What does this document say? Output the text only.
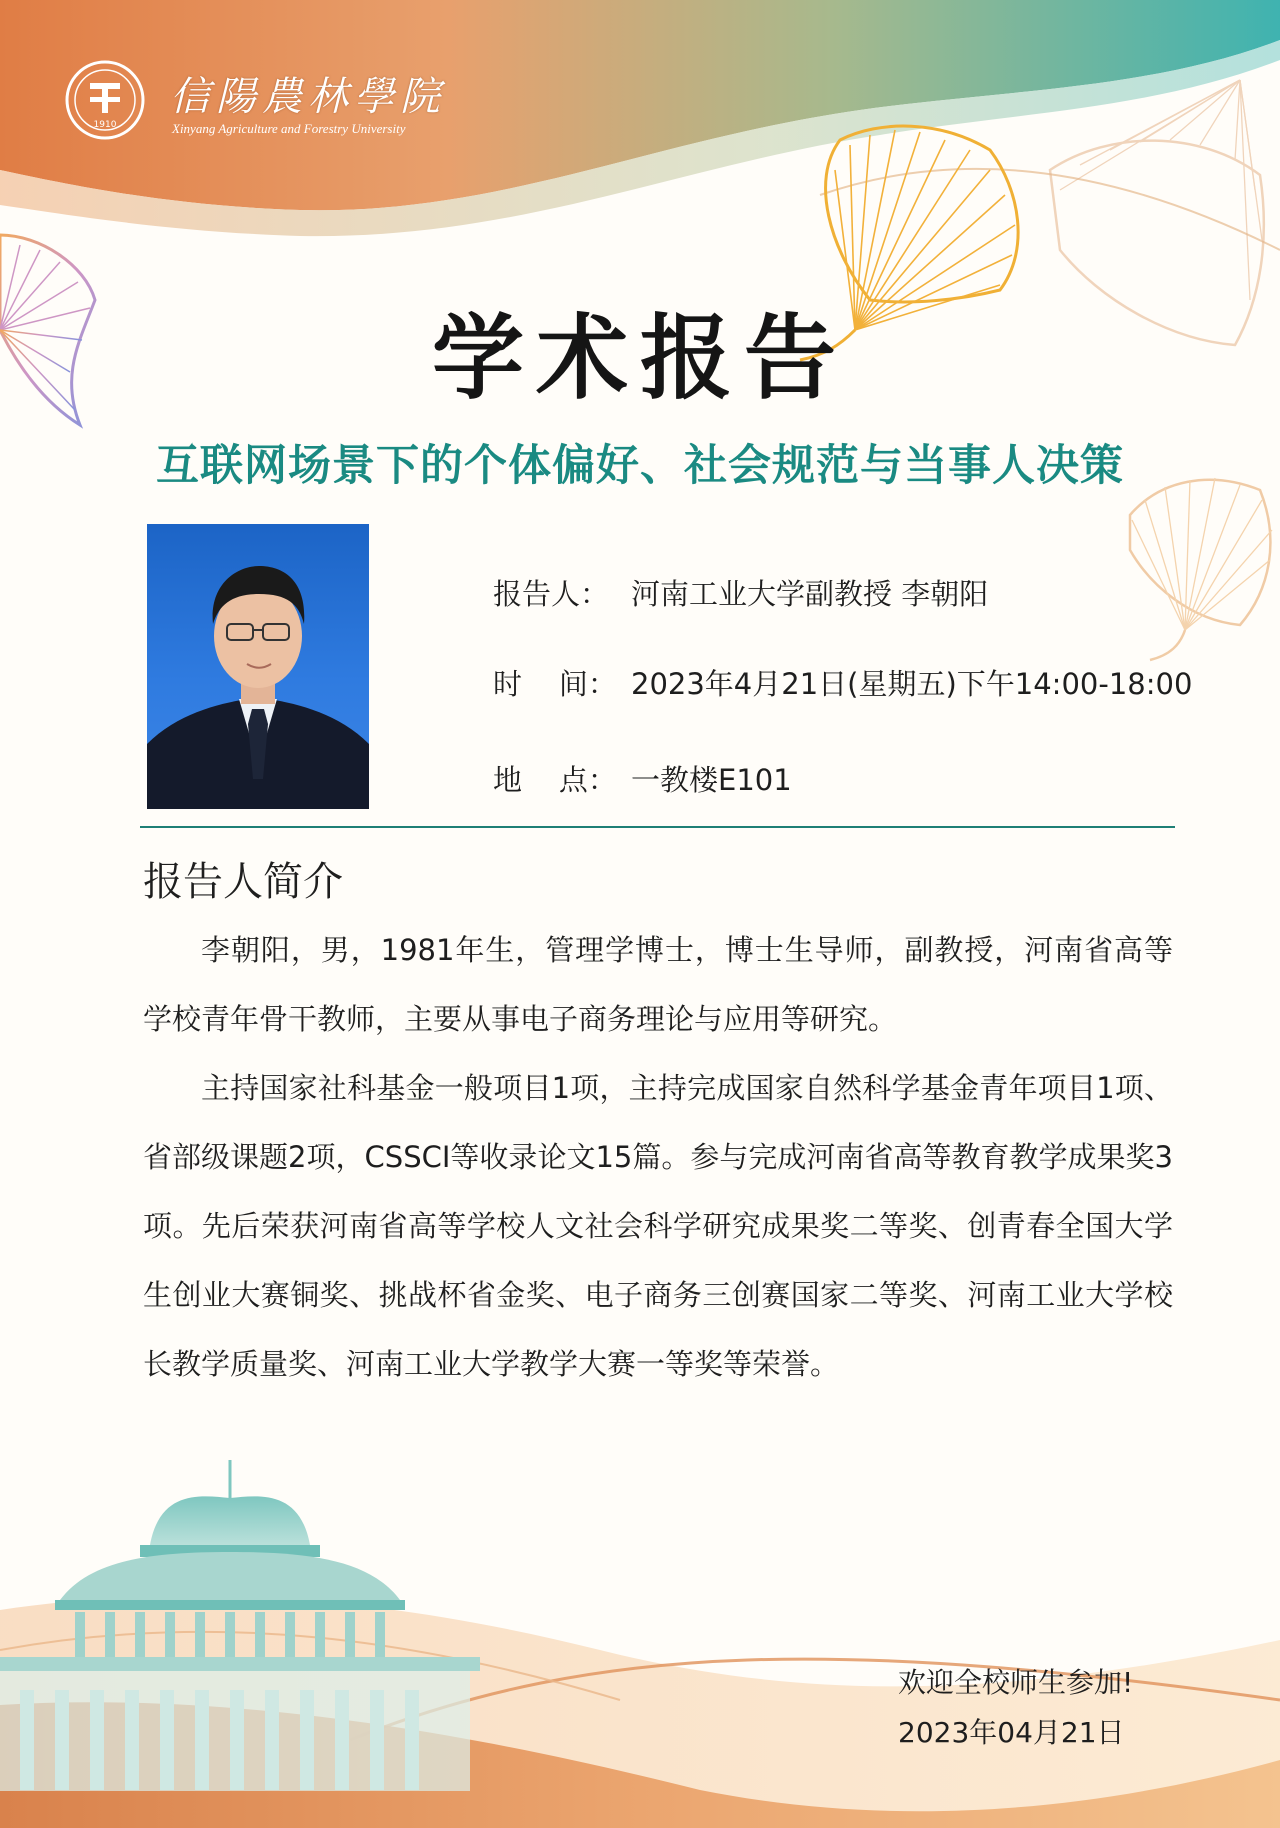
1910
信陽農林學院
Xinyang Agriculture and Forestry University
学术报告
互联网场景下的个体偏好、社会规范与当事人决策
报告人： 河南工业大学副教授 李朝阳
时    间： 2023年4月21日(星期五)下午14:00-18:00
地    点： 一教楼E101
报告人简介

李朝阳，男，1981年生，管理学博士，博士生导师，副教授，河南省高等学校青年骨干教师，主要从事电子商务理论与应用等研究。

主持国家社科基金一般项目1项，主持完成国家自然科学基金青年项目1项、省部级课题2项，CSSCI等收录论文15篇。参与完成河南省高等教育教学成果奖3项。先后荣获河南省高等学校人文社会科学研究成果奖二等奖、创青春全国大学生创业大赛铜奖、挑战杯省金奖、电子商务三创赛国家二等奖、河南工业大学校长教学质量奖、河南工业大学教学大赛一等奖等荣誉。

欢迎全校师生参加!
2023年04月21日
